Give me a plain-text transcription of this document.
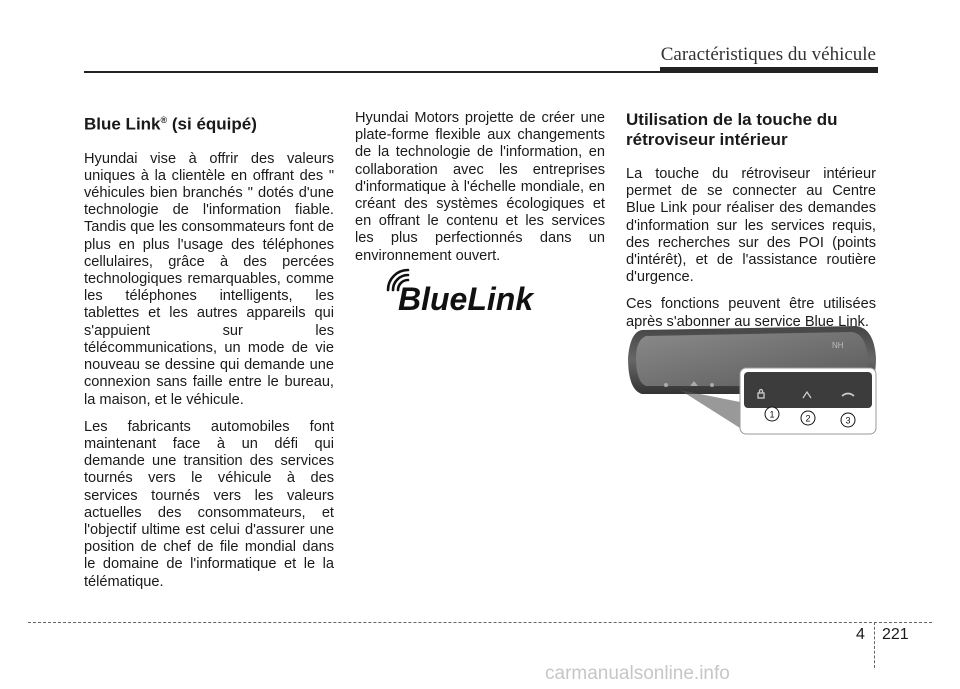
Caractéristiques du véhicule
Blue Link® (si équipé)

Hyundai vise à offrir des valeurs uniques à la clientèle en offrant des " véhicules bien branchés " dotés d'une technologie de l'information fiable. Tandis que les consommateurs font de plus en plus l'usage des téléphones cellulaires, grâce à des percées technologiques remarquables, comme les téléphones intelligents, les tablettes et les autres appareils qui s'appuient sur les télécommunications, un mode de vie nouveau se dessine qui demande une connexion sans faille entre le bureau, la maison, et le véhicule.

Les fabricants automobiles font maintenant face à un défi qui demande une transition des services tournés vers le véhicule à des services tournés vers les valeurs actuelles des consommateurs, et l'objectif ultime est celui d'assurer une position de chef de file mondial dans le domaine de l'informatique et le la télématique.

Hyundai Motors projette de créer une plate-forme flexible aux changements de la technologie de l'information, en collaboration avec les entreprises d'informatique à l'échelle mondiale, en créant des systèmes écologiques et en offrant le contenu et les services les plus perfectionnés dans un environnement ouvert.

BlueLink
Utilisation de la touche du rétroviseur intérieur

La touche du rétroviseur intérieur permet de se connecter au Centre Blue Link pour réaliser des demandes d'information sur les services requis, des recherches sur des POI (points d'intérêt), et de l'assistance routière d'urgence.

Ces fonctions peuvent être utilisées après s'abonner au service Blue Link.

NH
1	2	3
4 221
carmanualsonline.info
